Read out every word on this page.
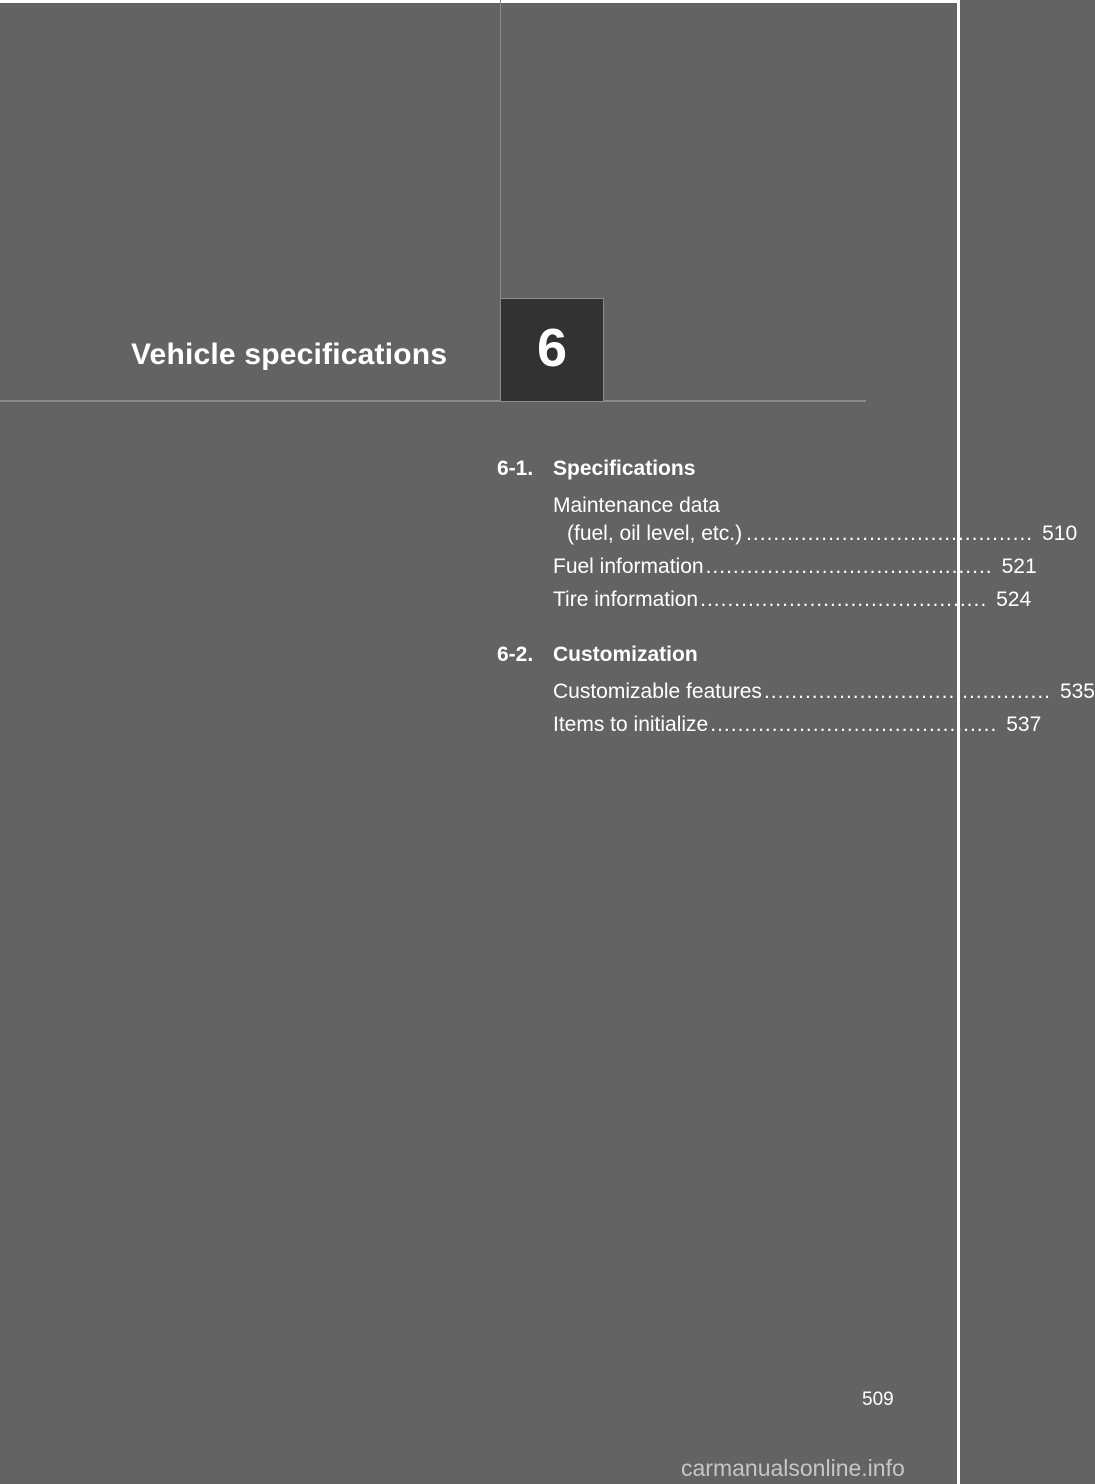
Vehicle specifications 6
6-1. Specifications
Maintenance data
(fuel, oil level, etc.) .......................................... 510
Fuel information .......................................... 521
Tire information .......................................... 524
6-2. Customization
Customizable features .......................................... 535
Items to initialize .......................................... 537
509
carmanualsonline.info
